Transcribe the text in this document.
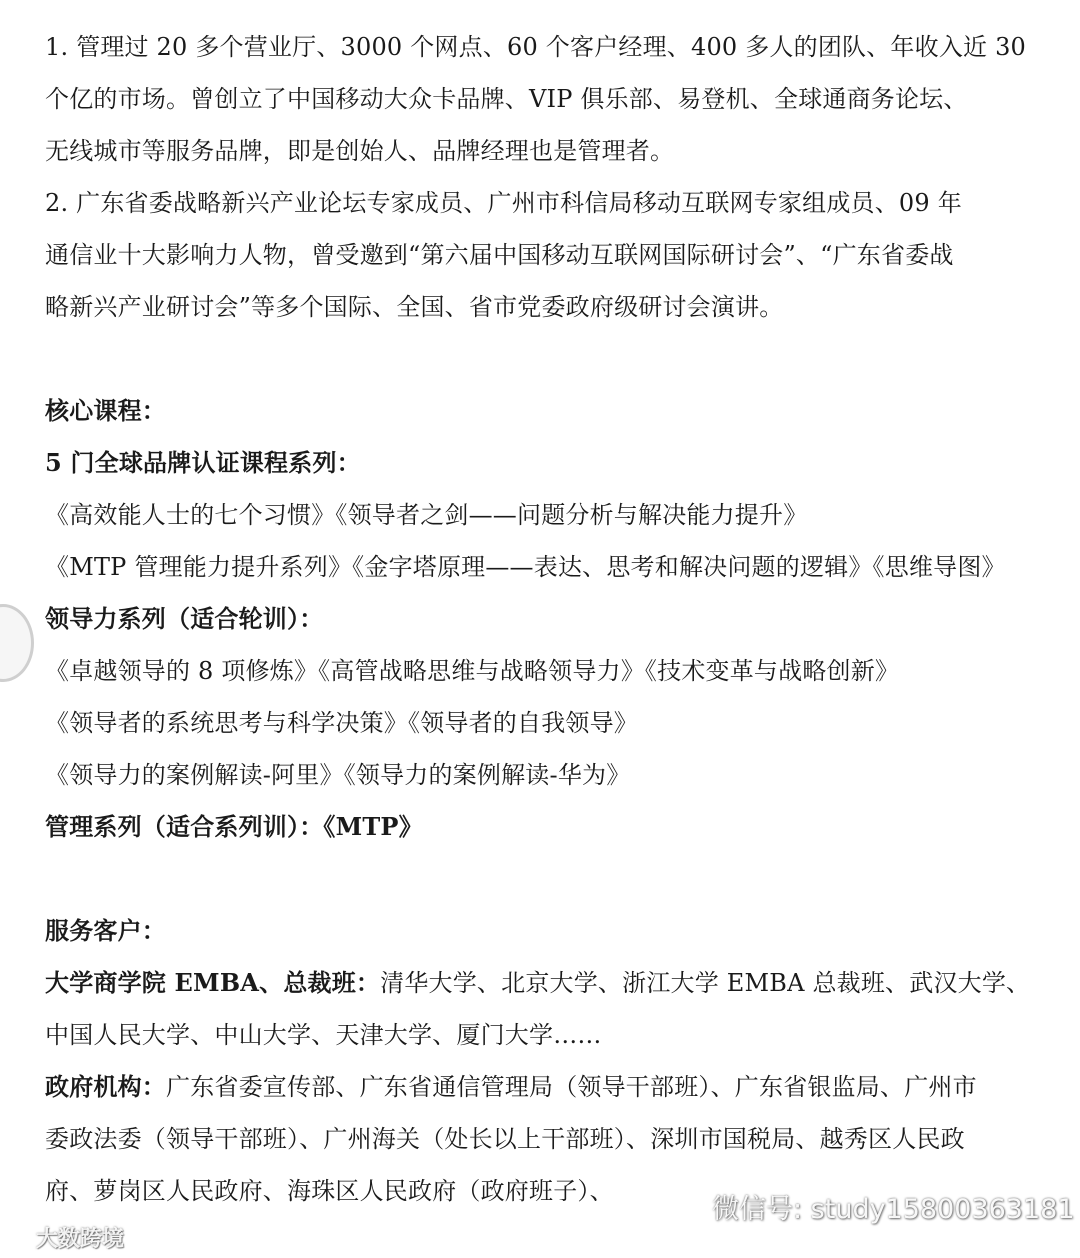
1. 管理过 20 多个营业厅、3000 个网点、60 个客户经理、400 多人的团队、年收入近 30
个亿的市场。曾创立了中国移动大众卡品牌、VIP 俱乐部、易登机、全球通商务论坛、
无线城市等服务品牌，即是创始人、品牌经理也是管理者。
2. 广东省委战略新兴产业论坛专家成员、广州市科信局移动互联网专家组成员、09 年
通信业十大影响力人物，曾受邀到“第六届中国移动互联网国际研讨会”、“广东省委战
略新兴产业研讨会”等多个国际、全国、省市党委政府级研讨会演讲。
核心课程：
5 门全球品牌认证课程系列：
《高效能人士的七个习惯》《领导者之剑——问题分析与解决能力提升》
《MTP 管理能力提升系列》《金字塔原理——表达、思考和解决问题的逻辑》《思维导图》
领导力系列（适合轮训）：
《卓越领导的 8 项修炼》《高管战略思维与战略领导力》《技术变革与战略创新》
《领导者的系统思考与科学决策》《领导者的自我领导》
《领导力的案例解读-阿里》《领导力的案例解读-华为》
管理系列（适合系列训）：《MTP》
服务客户：
大学商学院 EMBA、总裁班：清华大学、北京大学、浙江大学 EMBA 总裁班、武汉大学、
中国人民大学、中山大学、天津大学、厦门大学……
政府机构：广东省委宣传部、广东省通信管理局（领导干部班）、广东省银监局、广州市
委政法委（领导干部班）、广州海关（处长以上干部班）、深圳市国税局、越秀区人民政
府、萝岗区人民政府、海珠区人民政府（政府班子）、
微信号: study15800363181
大数跨境
